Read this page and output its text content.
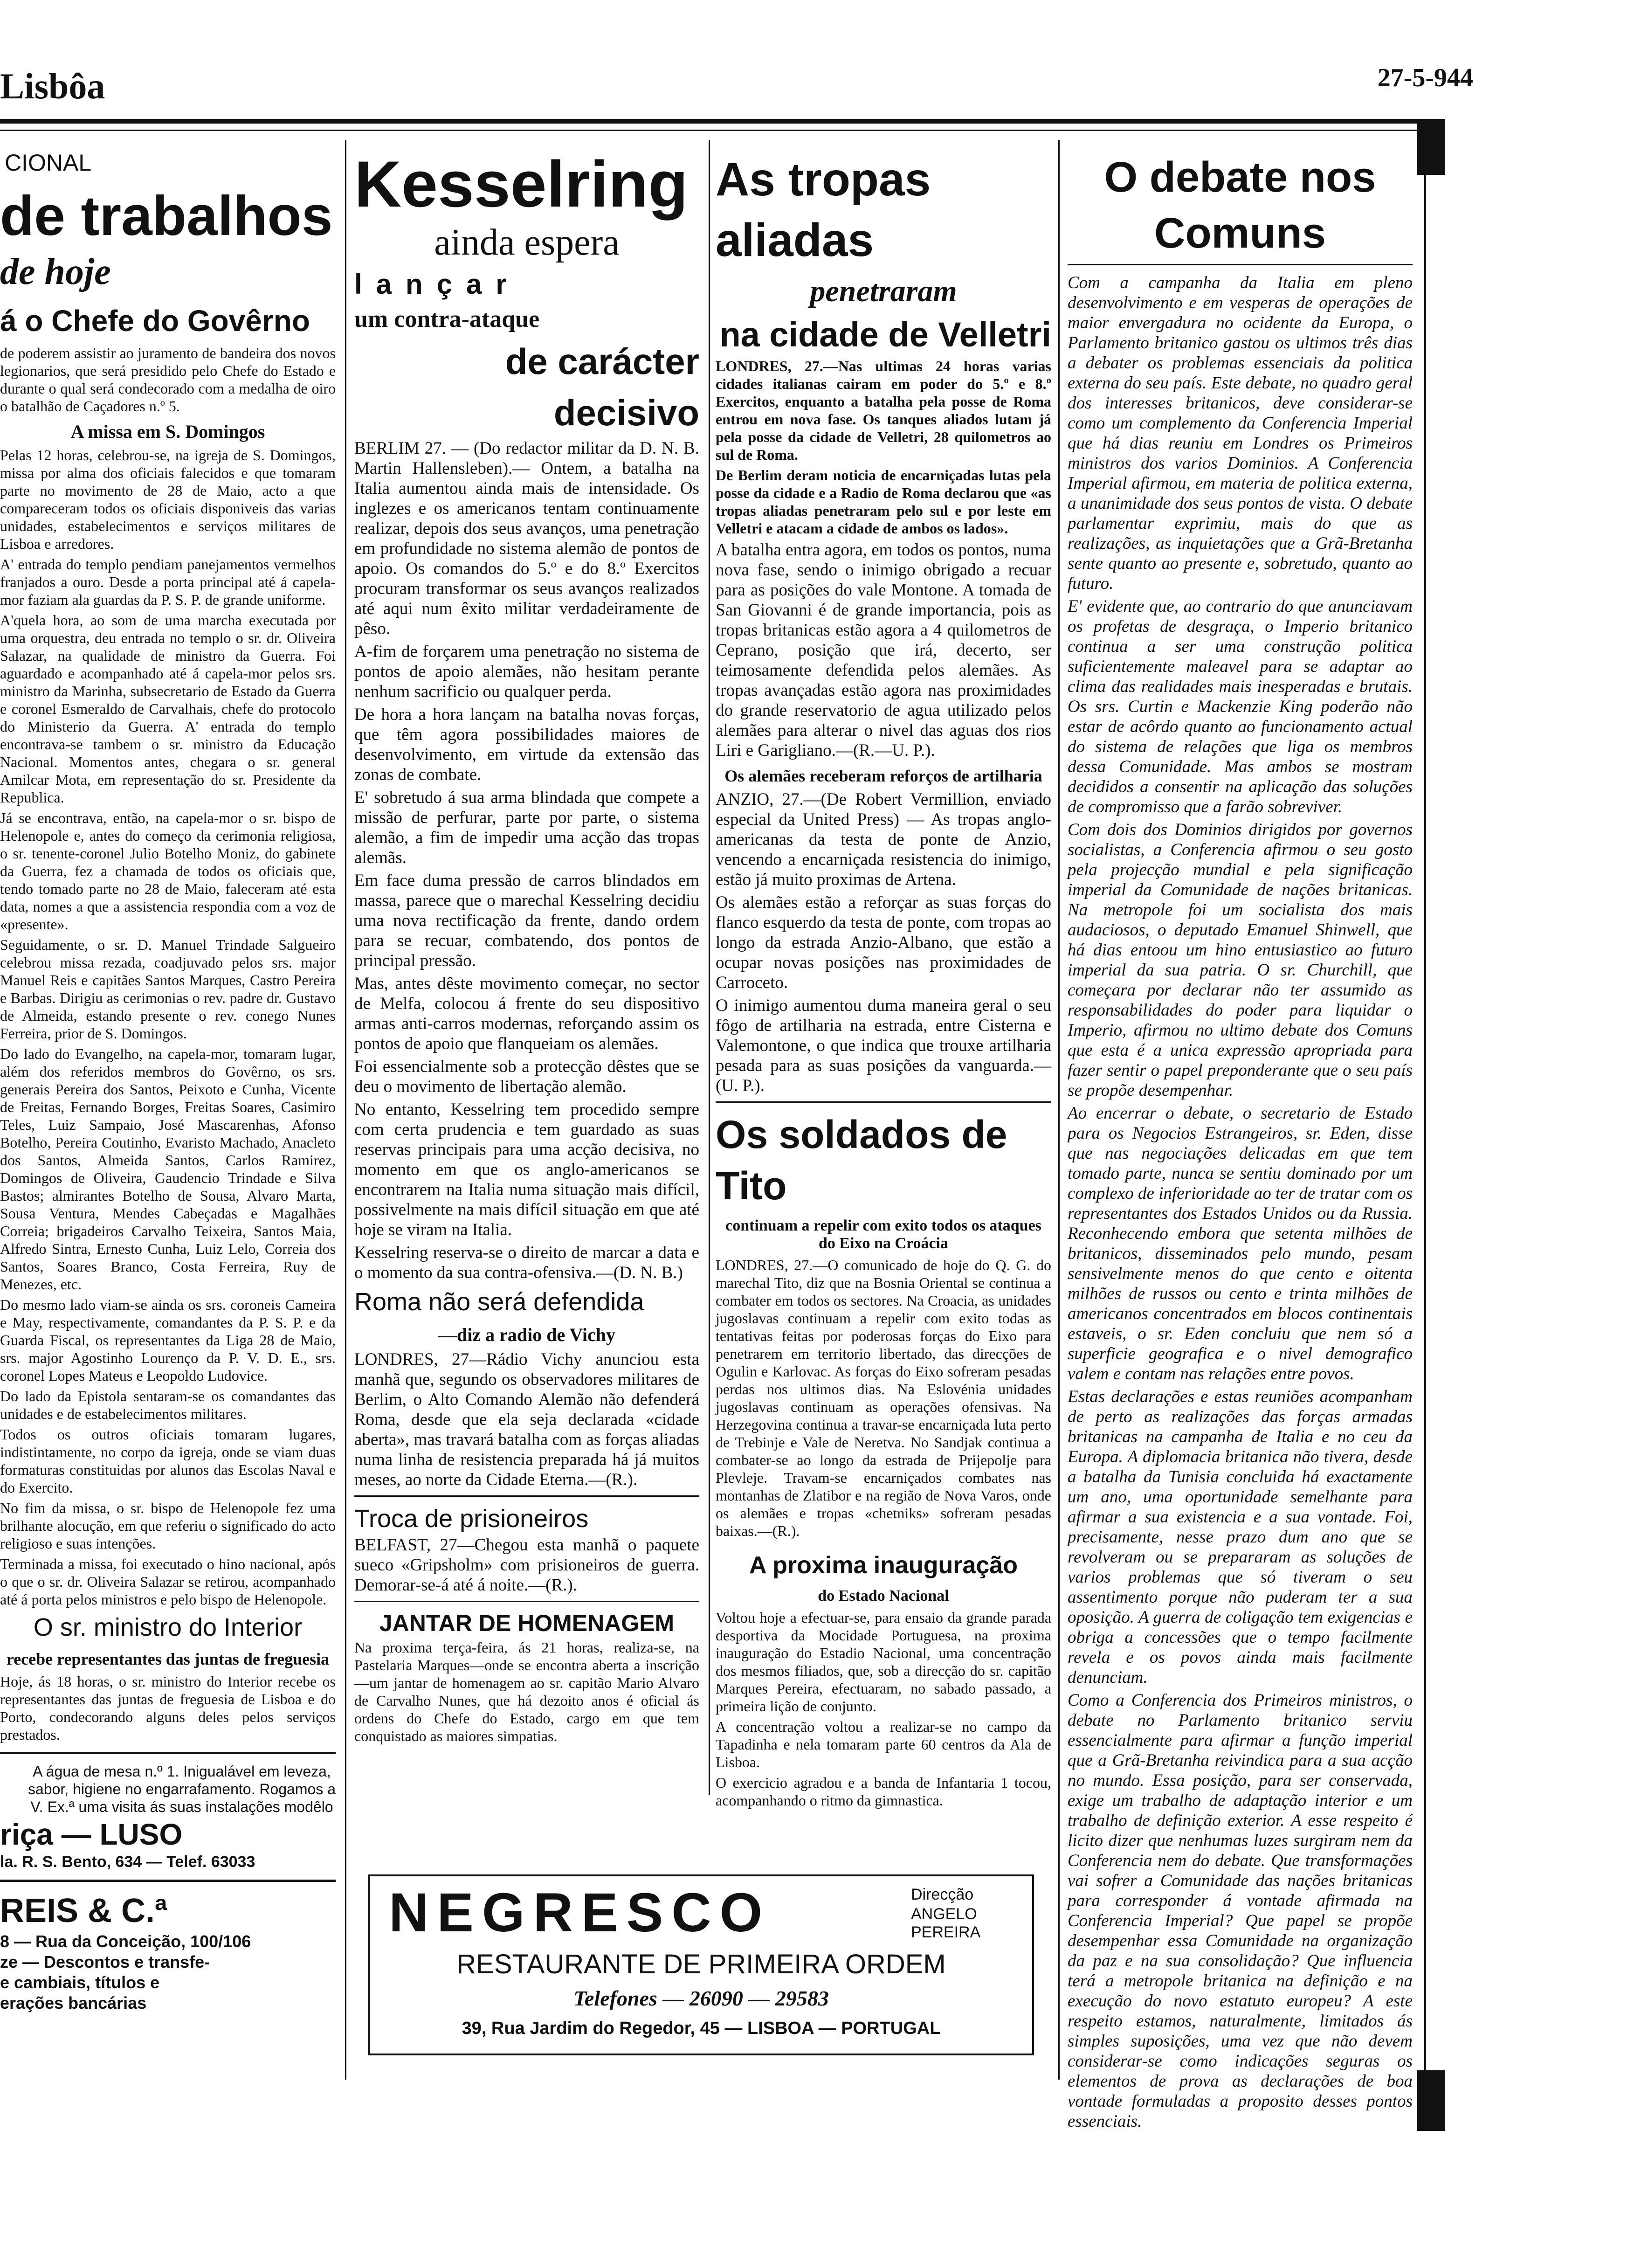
Lisbôa	27-5-944
CIONAL
de trabalhos
de hoje
á o Chefe do Govêrno

de poderem assistir ao juramento de bandeira dos novos legionarios, que será presidido pelo Chefe do Estado e durante o qual será condecorado com a medalha de oiro o batalhão de Caçadores n.º 5.

A missa em S. Domingos

Pelas 12 horas, celebrou-se, na igreja de S. Domingos, missa por alma dos oficiais falecidos e que tomaram parte no movimento de 28 de Maio, acto a que compareceram todos os oficiais disponiveis das varias unidades, estabelecimentos e serviços militares de Lisboa e arredores.

A' entrada do templo pendiam panejamentos vermelhos franjados a ouro. Desde a porta principal até á capela-mor faziam ala guardas da P. S. P. de grande uniforme.

A'quela hora, ao som de uma marcha executada por uma orquestra, deu entrada no templo o sr. dr. Oliveira Salazar, na qualidade de ministro da Guerra. Foi aguardado e acompanhado até á capela-mor pelos srs. ministro da Marinha, subsecretario de Estado da Guerra e coronel Esmeraldo de Carvalhais, chefe do protocolo do Ministerio da Guerra. A' entrada do templo encontrava-se tambem o sr. ministro da Educação Nacional. Momentos antes, chegara o sr. general Amilcar Mota, em representação do sr. Presidente da Republica.

Já se encontrava, então, na capela-mor o sr. bispo de Helenopole e, antes do começo da cerimonia religiosa, o sr. tenente-coronel Julio Botelho Moniz, do gabinete da Guerra, fez a chamada de todos os oficiais que, tendo tomado parte no 28 de Maio, faleceram até esta data, nomes a que a assistencia respondia com a voz de «presente».

Seguidamente, o sr. D. Manuel Trindade Salgueiro celebrou missa rezada, coadjuvado pelos srs. major Manuel Reis e capitães Santos Marques, Castro Pereira e Barbas. Dirigiu as cerimonias o rev. padre dr. Gustavo de Almeida, estando presente o rev. conego Nunes Ferreira, prior de S. Domingos.

Do lado do Evangelho, na capela-mor, tomaram lugar, além dos referidos membros do Govêrno, os srs. generais Pereira dos Santos, Peixoto e Cunha, Vicente de Freitas, Fernando Borges, Freitas Soares, Casimiro Teles, Luiz Sampaio, José Mascarenhas, Afonso Botelho, Pereira Coutinho, Evaristo Machado, Anacleto dos Santos, Almeida Santos, Carlos Ramirez, Domingos de Oliveira, Gaudencio Trindade e Silva Bastos; almirantes Botelho de Sousa, Alvaro Marta, Sousa Ventura, Mendes Cabeçadas e Magalhães Correia; brigadeiros Carvalho Teixeira, Santos Maia, Alfredo Sintra, Ernesto Cunha, Luiz Lelo, Correia dos Santos, Soares Branco, Costa Ferreira, Ruy de Menezes, etc.

Do mesmo lado viam-se ainda os srs. coroneis Cameira e May, respectivamente, comandantes da P. S. P. e da Guarda Fiscal, os representantes da Liga 28 de Maio, srs. major Agostinho Lourenço da P. V. D. E., srs. coronel Lopes Mateus e Leopoldo Ludovice.

Do lado da Epistola sentaram-se os comandantes das unidades e de estabelecimentos militares.

Todos os outros oficiais tomaram lugares, indistintamente, no corpo da igreja, onde se viam duas formaturas constituidas por alunos das Escolas Naval e do Exercito.

No fim da missa, o sr. bispo de Helenopole fez uma brilhante alocução, em que referiu o significado do acto religioso e suas intenções.

Terminada a missa, foi executado o hino nacional, após o que o sr. dr. Oliveira Salazar se retirou, acompanhado até á porta pelos ministros e pelo bispo de Helenopole.

O sr. ministro do Interior
recebe representantes das juntas de freguesia

Hoje, ás 18 horas, o sr. ministro do Interior recebe os representantes das juntas de freguesia de Lisboa e do Porto, condecorando alguns deles pelos serviços prestados.

A água de mesa n.º 1. Inigualável em leveza, sabor, higiene no engarrafamento. Rogamos a V. Ex.ª uma visita ás suas instalações modêlo
riça — LUSO
la. R. S. Bento, 634 — Telef. 63033
REIS & C.ª
8 — Rua da Conceição, 100/106
ze — Descontos e transfe-
e cambiais, títulos e
erações bancárias
Kesselring
ainda espera
lançar
um contra-ataque
de carácter decisivo

BERLIM 27. — (Do redactor militar da D. N. B. Martin Hallensleben).— Ontem, a batalha na Italia aumentou ainda mais de intensidade. Os inglezes e os americanos tentam continuamente realizar, depois dos seus avanços, uma penetração em profundidade no sistema alemão de pontos de apoio. Os comandos do 5.º e do 8.º Exercitos procuram transformar os seus avanços realizados até aqui num êxito militar verdadeiramente de pêso.

A-fim de forçarem uma penetração no sistema de pontos de apoio alemães, não hesitam perante nenhum sacrificio ou qualquer perda.

De hora a hora lançam na batalha novas forças, que têm agora possibilidades maiores de desenvolvimento, em virtude da extensão das zonas de combate.

E' sobretudo á sua arma blindada que compete a missão de perfurar, parte por parte, o sistema alemão, a fim de impedir uma acção das tropas alemãs.

Em face duma pressão de carros blindados em massa, parece que o marechal Kesselring decidiu uma nova rectificação da frente, dando ordem para se recuar, combatendo, dos pontos de principal pressão.

Mas, antes dêste movimento começar, no sector de Melfa, colocou á frente do seu dispositivo armas anti-carros modernas, reforçando assim os pontos de apoio que flanqueiam os alemães.

Foi essencialmente sob a protecção dêstes que se deu o movimento de libertação alemão.

No entanto, Kesselring tem procedido sempre com certa prudencia e tem guardado as suas reservas principais para uma acção decisiva, no momento em que os anglo-americanos se encontrarem na Italia numa situação mais difícil, possivelmente na mais difícil situação em que até hoje se viram na Italia.

Kesselring reserva-se o direito de marcar a data e o momento da sua contra-ofensiva.—(D. N. B.)

Roma não será defendida
—diz a radio de Vichy

LONDRES, 27—Rádio Vichy anunciou esta manhã que, segundo os observadores militares de Berlim, o Alto Comando Alemão não defenderá Roma, desde que ela seja declarada «cidade aberta», mas travará batalha com as forças aliadas numa linha de resistencia preparada há já muitos meses, ao norte da Cidade Eterna.—(R.).

Troca de prisioneiros

BELFAST, 27—Chegou esta manhã o paquete sueco «Gripsholm» com prisioneiros de guerra. Demorar-se-á até á noite.—(R.).

JANTAR DE HOMENAGEM

Na proxima terça-feira, ás 21 horas, realiza-se, na Pastelaria Marques—onde se encontra aberta a inscrição—um jantar de homenagem ao sr. capitão Mario Alvaro de Carvalho Nunes, que há dezoito anos é oficial ás ordens do Chefe do Estado, cargo em que tem conquistado as maiores simpatias.

As tropas aliadas
penetraram
na cidade de Velletri

LONDRES, 27.—Nas ultimas 24 horas varias cidades italianas cairam em poder do 5.º e 8.º Exercitos, enquanto a batalha pela posse de Roma entrou em nova fase. Os tanques aliados lutam já pela posse da cidade de Velletri, 28 quilometros ao sul de Roma.

De Berlim deram noticia de encarniçadas lutas pela posse da cidade e a Radio de Roma declarou que «as tropas aliadas penetraram pelo sul e por leste em Velletri e atacam a cidade de ambos os lados».

A batalha entra agora, em todos os pontos, numa nova fase, sendo o inimigo obrigado a recuar para as posições do vale Montone. A tomada de San Giovanni é de grande importancia, pois as tropas britanicas estão agora a 4 quilometros de Ceprano, posição que irá, decerto, ser teimosamente defendida pelos alemães. As tropas avançadas estão agora nas proximidades do grande reservatorio de agua utilizado pelos alemães para alterar o nivel das aguas dos rios Liri e Garigliano.—(R.—U. P.).

Os alemães receberam reforços de artilharia

ANZIO, 27.—(De Robert Vermillion, enviado especial da United Press) — As tropas anglo-americanas da testa de ponte de Anzio, vencendo a encarniçada resistencia do inimigo, estão já muito proximas de Artena.

Os alemães estão a reforçar as suas forças do flanco esquerdo da testa de ponte, com tropas ao longo da estrada Anzio-Albano, que estão a ocupar novas posições nas proximidades de Carroceto.

O inimigo aumentou duma maneira geral o seu fôgo de artilharia na estrada, entre Cisterna e Valemontone, o que indica que trouxe artilharia pesada para as suas posições da vanguarda.—(U. P.).

Os soldados de Tito
continuam a repelir com exito todos os ataques do Eixo na Croácia

LONDRES, 27.—O comunicado de hoje do Q. G. do marechal Tito, diz que na Bosnia Oriental se continua a combater em todos os sectores. Na Croacia, as unidades jugoslavas continuam a repelir com exito todas as tentativas feitas por poderosas forças do Eixo para penetrarem em territorio libertado, das direcções de Ogulin e Karlovac. As forças do Eixo sofreram pesadas perdas nos ultimos dias. Na Eslovénia unidades jugoslavas continuam as operações ofensivas. Na Herzegovina continua a travar-se encarniçada luta perto de Trebinje e Vale de Neretva. No Sandjak continua a combater-se ao longo da estrada de Prijepolje para Plevleje. Travam-se encarniçados combates nas montanhas de Zlatibor e na região de Nova Varos, onde os alemães e tropas «chetniks» sofreram pesadas baixas.—(R.).

A proxima inauguração
do Estado Nacional

Voltou hoje a efectuar-se, para ensaio da grande parada desportiva da Mocidade Portuguesa, na proxima inauguração do Estadio Nacional, uma concentração dos mesmos filiados, que, sob a direcção do sr. capitão Marques Pereira, efectuaram, no sabado passado, a primeira lição de conjunto.

A concentração voltou a realizar-se no campo da Tapadinha e nela tomaram parte 60 centros da Ala de Lisboa.

O exercicio agradou e a banda de Infantaria 1 tocou, acompanhando o ritmo da gimnastica.

NEGRESCO	Direcção
ANGELO PEREIRA
RESTAURANTE DE PRIMEIRA ORDEM
Telefones — 26090 — 29583
39, Rua Jardim do Regedor, 45 — LISBOA — PORTUGAL
O debate nos Comuns

Com a campanha da Italia em pleno desenvolvimento e em vesperas de operações de maior envergadura no ocidente da Europa, o Parlamento britanico gastou os ultimos três dias a debater os problemas essenciais da politica externa do seu país. Este debate, no quadro geral dos interesses britanicos, deve considerar-se como um complemento da Conferencia Imperial que há dias reuniu em Londres os Primeiros ministros dos varios Dominios. A Conferencia Imperial afirmou, em materia de politica externa, a unanimidade dos seus pontos de vista. O debate parlamentar exprimiu, mais do que as realizações, as inquietações que a Grã-Bretanha sente quanto ao presente e, sobretudo, quanto ao futuro.

E' evidente que, ao contrario do que anunciavam os profetas de desgraça, o Imperio britanico continua a ser uma construção politica suficientemente maleavel para se adaptar ao clima das realidades mais inesperadas e brutais. Os srs. Curtin e Mackenzie King poderão não estar de acôrdo quanto ao funcionamento actual do sistema de relações que liga os membros dessa Comunidade. Mas ambos se mostram decididos a consentir na aplicação das soluções de compromisso que a farão sobreviver.

Com dois dos Dominios dirigidos por governos socialistas, a Conferencia afirmou o seu gosto pela projecção mundial e pela significação imperial da Comunidade de nações britanicas. Na metropole foi um socialista dos mais audaciosos, o deputado Emanuel Shinwell, que há dias entoou um hino entusiastico ao futuro imperial da sua patria. O sr. Churchill, que começara por declarar não ter assumido as responsabilidades do poder para liquidar o Imperio, afirmou no ultimo debate dos Comuns que esta é a unica expressão apropriada para fazer sentir o papel preponderante que o seu país se propõe desempenhar.

Ao encerrar o debate, o secretario de Estado para os Negocios Estrangeiros, sr. Eden, disse que nas negociações delicadas em que tem tomado parte, nunca se sentiu dominado por um complexo de inferioridade ao ter de tratar com os representantes dos Estados Unidos ou da Russia. Reconhecendo embora que setenta milhões de britanicos, disseminados pelo mundo, pesam sensivelmente menos do que cento e oitenta milhões de russos ou cento e trinta milhões de americanos concentrados em blocos continentais estaveis, o sr. Eden concluiu que nem só a superficie geografica e o nivel demografico valem e contam nas relações entre povos.

Estas declarações e estas reuniões acompanham de perto as realizações das forças armadas britanicas na campanha de Italia e no ceu da Europa. A diplomacia britanica não tivera, desde a batalha da Tunisia concluida há exactamente um ano, uma oportunidade semelhante para afirmar a sua existencia e a sua vontade. Foi, precisamente, nesse prazo dum ano que se revolveram ou se prepararam as soluções de varios problemas que só tiveram o seu assentimento porque não puderam ter a sua oposição. A guerra de coligação tem exigencias e obriga a concessões que o tempo facilmente revela e os povos ainda mais facilmente denunciam.

Como a Conferencia dos Primeiros ministros, o debate no Parlamento britanico serviu essencialmente para afirmar a função imperial que a Grã-Bretanha reivindica para a sua acção no mundo. Essa posição, para ser conservada, exige um trabalho de adaptação interior e um trabalho de definição exterior. A esse respeito é licito dizer que nenhumas luzes surgiram nem da Conferencia nem do debate. Que transformações vai sofrer a Comunidade das nações britanicas para corresponder á vontade afirmada na Conferencia Imperial? Que papel se propõe desempenhar essa Comunidade na organização da paz e na sua consolidação? Que influencia terá a metropole britanica na definição e na execução do novo estatuto europeu? A este respeito estamos, naturalmente, limitados ás simples suposições, uma vez que não devem considerar-se como indicações seguras os elementos de prova as declarações de boa vontade formuladas a proposito desses pontos essenciais.
